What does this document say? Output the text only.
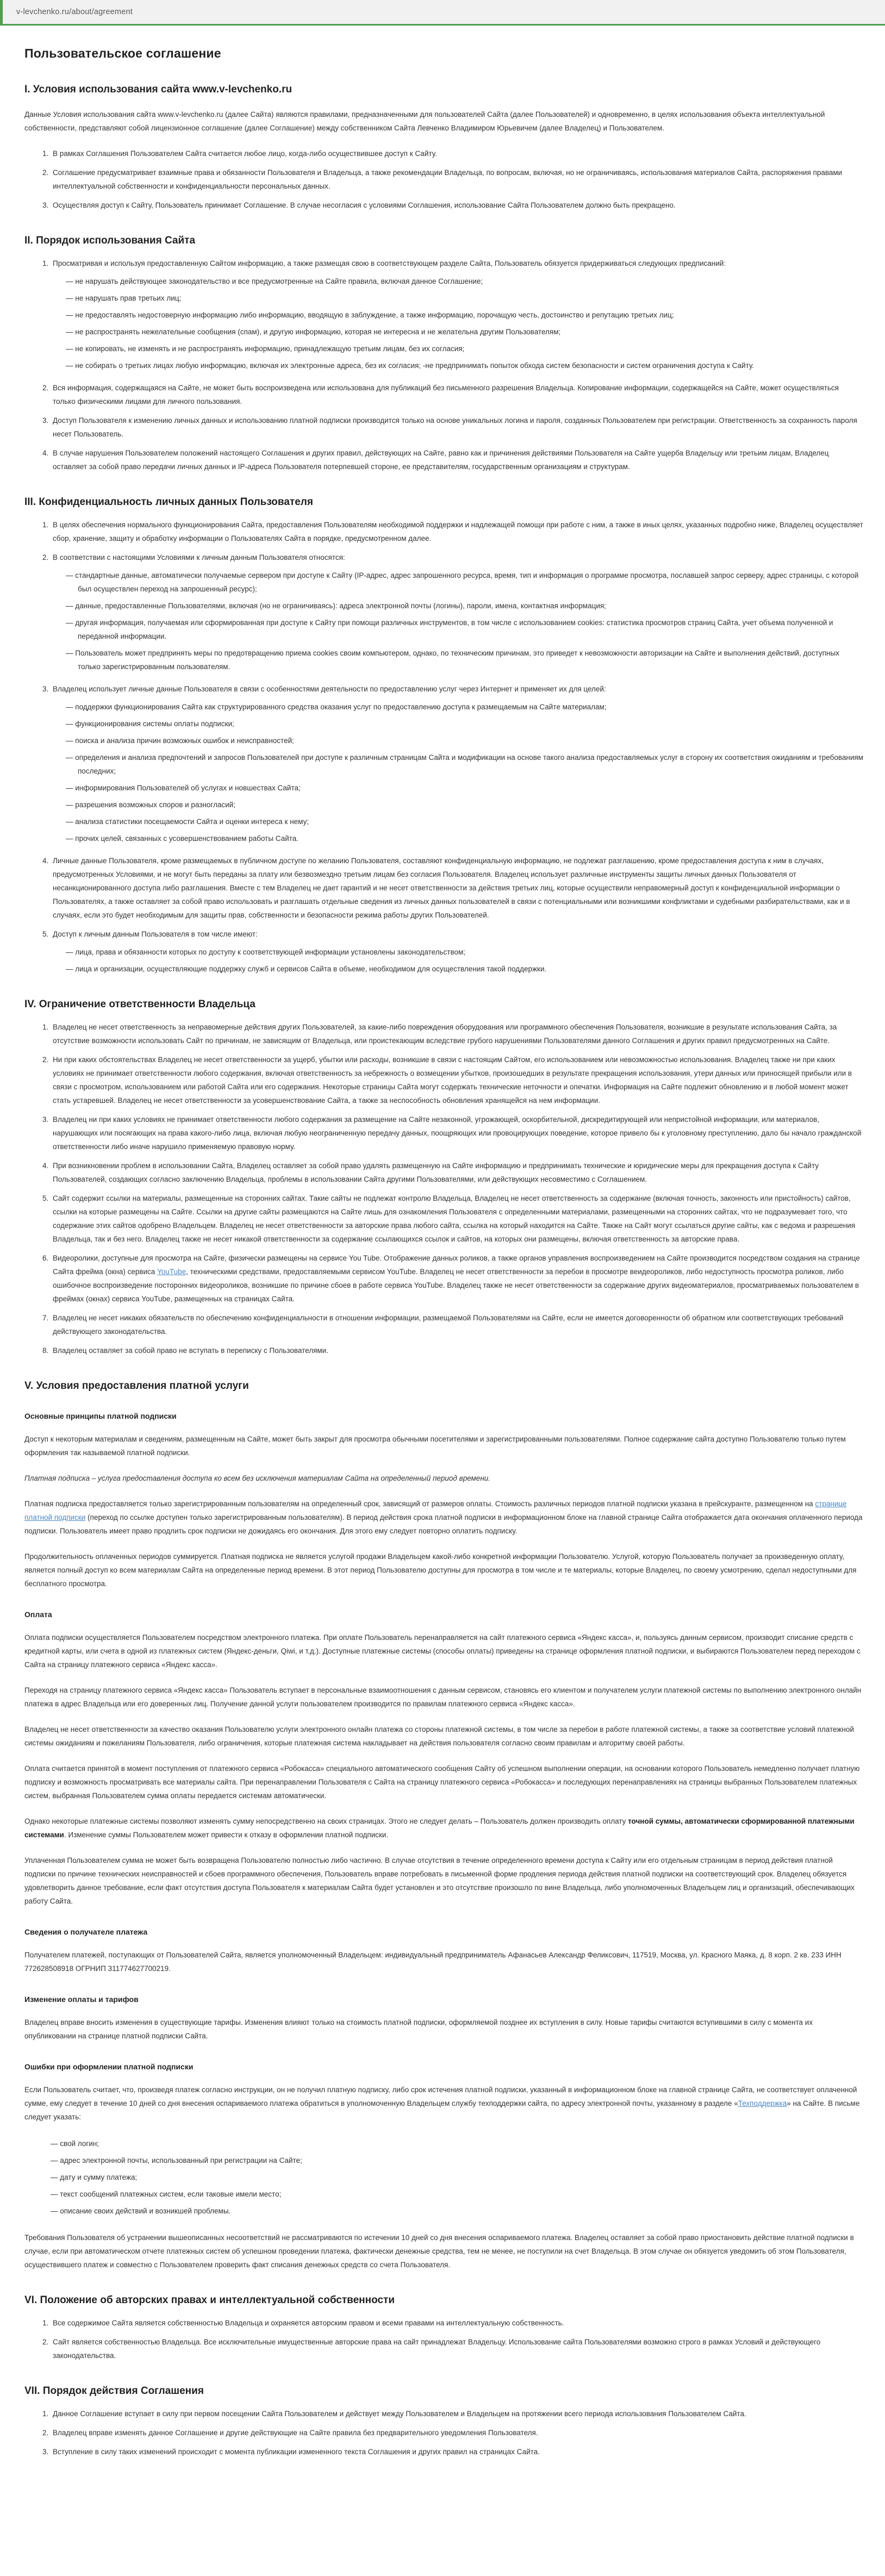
v-levchenko.ru/about/agreement
Пользовательское соглашение
I. Условия использования сайта www.v-levchenko.ru

Данные Условия использования сайта www.v-levchenko.ru (далее Сайта) являются правилами, предназначенными для пользователей Сайта (далее Пользователей) и одновременно, в целях использования объекта интеллектуальной собственности, представляют собой лицензионное соглашение (далее Соглашение) между собственником Сайта Левченко Владимиром Юрьевичем (далее Владелец) и Пользователем.

1. В рамках Соглашения Пользователем Сайта считается любое лицо, когда-либо осуществившее доступ к Сайту.
2. Соглашение предусматривает взаимные права и обязанности Пользователя и Владельца, а также рекомендации Владельца, по вопросам, включая, но не ограничиваясь, использования материалов Сайта, распоряжения правами интеллектуальной собственности и конфиденциальности персональных данных.
3. Осуществляя доступ к Сайту, Пользователь принимает Соглашение. В случае несогласия с условиями Соглашения, использование Сайта Пользователем должно быть прекращено.
II. Порядок использования Сайта
1. Просматривая и используя предоставленную Сайтом информацию, а также размещая свою в соответствующем разделе Сайта, Пользователь обязуется придерживаться следующих предписаний:
— не нарушать действующее законодательство и все предусмотренные на Сайте правила, включая данное Соглашение;
— не нарушать прав третьих лиц;
— не предоставлять недостоверную информацию либо информацию, вводящую в заблуждение, а также информацию, порочащую честь, достоинство и репутацию третьих лиц;
— не распространять нежелательные сообщения (спам), и другую информацию, которая не интересна и не желательна другим Пользователям;
— не копировать, не изменять и не распространять информацию, принадлежащую третьим лицам, без их согласия;
— не собирать о третьих лицах любую информацию, включая их электронные адреса, без их согласия; -не предпринимать попыток обхода систем безопасности и систем ограничения доступа к Сайту.
2. Вся информация, содержащаяся на Сайте, не может быть воспроизведена или использована для публикаций без письменного разрешения Владельца. Копирование информации, содержащейся на Сайте, может осуществляться только физическими лицами для личного пользования.
3. Доступ Пользователя к изменению личных данных и использованию платной подписки производится только на основе уникальных логина и пароля, созданных Пользователем при регистрации. Ответственность за сохранность пароля несет Пользователь.
4. В случае нарушения Пользователем положений настоящего Соглашения и других правил, действующих на Сайте, равно как и причинения действиями Пользователя на Сайте ущерба Владельцу или третьим лицам, Владелец оставляет за собой право передачи личных данных и IP-адреса Пользователя потерпевшей стороне, ее представителям, государственным организациям и структурам.
III. Конфиденциальность личных данных Пользователя
1. В целях обеспечения нормального функционирования Сайта, предоставления Пользователям необходимой поддержки и надлежащей помощи при работе с ним, а также в иных целях, указанных подробно ниже, Владелец осуществляет сбор, хранение, защиту и обработку информации о Пользователях Сайта в порядке, предусмотренном далее.
2. В соответствии с настоящими Условиями к личным данным Пользователя относятся:
— стандартные данные, автоматически получаемые сервером при доступе к Сайту (IP-адрес, адрес запрошенного ресурса, время, тип и информация о программе просмотра, пославшей запрос серверу, адрес страницы, с которой был осуществлен переход на запрошенный ресурс);
— данные, предоставленные Пользователями, включая (но не ограничиваясь): адреса электронной почты (логины), пароли, имена, контактная информация;
— другая информация, получаемая или сформированная при доступе к Сайту при помощи различных инструментов, в том числе с использованием cookies: статистика просмотров страниц Сайта, учет объема полученной и переданной информации.
— Пользователь может предпринять меры по предотвращению приема cookies своим компьютером, однако, по техническим причинам, это приведет к невозможности авторизации на Сайте и выполнения действий, доступных только зарегистрированным пользователям.
3. Владелец использует личные данные Пользователя в связи с особенностями деятельности по предоставлению услуг через Интернет и применяет их для целей:
— поддержки функционирования Сайта как структурированного средства оказания услуг по предоставлению доступа к размещаемым на Сайте материалам;
— функционирования системы оплаты подписки;
— поиска и анализа причин возможных ошибок и неисправностей;
— определения и анализа предпочтений и запросов Пользователей при доступе к различным страницам Сайта и модификации на основе такого анализа предоставляемых услуг в сторону их соответствия ожиданиям и требованиям последних;
— информирования Пользователей об услугах и новшествах Сайта;
— разрешения возможных споров и разногласий;
— анализа статистики посещаемости Сайта и оценки интереса к нему;
— прочих целей, связанных с усовершенствованием работы Сайта.
4. Личные данные Пользователя, кроме размещаемых в публичном доступе по желанию Пользователя, составляют конфиденциальную информацию, не подлежат разглашению, кроме предоставления доступа к ним в случаях, предусмотренных Условиями, и не могут быть переданы за плату или безвозмездно третьим лицам без согласия Пользователя. Владелец использует различные инструменты защиты личных данных Пользователя от несанкционированного доступа либо разглашения. Вместе с тем Владелец не дает гарантий и не несет ответственности за действия третьих лиц, которые осуществили неправомерный доступ к конфиденциальной информации о Пользователях, а также оставляет за собой право использовать и разглашать отдельные сведения из личных данных пользователей в связи с потенциальными или возникшими конфликтами и судебными разбирательствами, как и в случаях, если это будет необходимым для защиты прав, собственности и безопасности режима работы других Пользователей.
5. Доступ к личным данным Пользователя в том числе имеют:
— лица, права и обязанности которых по доступу к соответствующей информации установлены законодательством;
— лица и организации, осуществляющие поддержку служб и сервисов Сайта в объеме, необходимом для осуществления такой поддержки.
IV. Ограничение ответственности Владельца
1. Владелец не несет ответственность за неправомерные действия других Пользователей, за какие-либо повреждения оборудования или программного обеспечения Пользователя, возникшие в результате использования Сайта, за отсутствие возможности использовать Сайт по причинам, не зависящим от Владельца, или проистекающим вследствие грубого нарушениями Пользователями данного Соглашения и других правил предусмотренных на Сайте.
2. Ни при каких обстоятельствах Владелец не несет ответственности за ущерб, убытки или расходы, возникшие в связи с настоящим Сайтом, его использованием или невозможностью использования. Владелец также ни при каких условиях не принимает ответственности любого содержания, включая ответственность за небрежность о возмещении убытков, произошедших в результате прекращения использования, утери данных или приносящей прибыли или в связи с просмотром, использованием или работой Сайта или его содержания. Некоторые страницы Сайта могут содержать технические неточности и опечатки. Информация на Сайте подлежит обновлению и в любой момент может стать устаревшей. Владелец не несет ответственности за усовершенствование Сайта, а также за неспособность обновления хранящейся на нем информации.
3. Владелец ни при каких условиях не принимает ответственности любого содержания за размещение на Сайте незаконной, угрожающей, оскорбительной, дискредитирующей или непристойной информации, или материалов, нарушающих или посягающих на права какого-либо лица, включая любую неограниченную передачу данных, поощряющих или провоцирующих поведение, которое привело бы к уголовному преступлению, дало бы начало гражданской ответственности либо иначе нарушило применяемую правовую норму.
4. При возникновении проблем в использовании Сайта, Владелец оставляет за собой право удалять размещенную на Сайте информацию и предпринимать технические и юридические меры для прекращения доступа к Сайту Пользователей, создающих согласно заключению Владельца, проблемы в использовании Сайта другими Пользователями, или действующих несовместимо с Соглашением.
5. Сайт содержит ссылки на материалы, размещенные на сторонних сайтах. Такие сайты не подлежат контролю Владельца, Владелец не несет ответственность за содержание (включая точность, законность или пристойность) сайтов, ссылки на которые размещены на Сайте. Ссылки на другие сайты размещаются на Сайте лишь для ознакомления Пользователя с определенными материалами, размещенными на сторонних сайтах, что не подразумевает того, что содержание этих сайтов одобрено Владельцем. Владелец не несет ответственности за авторские права любого сайта, ссылка на который находится на Сайте. Также на Сайт могут ссылаться другие сайты, как с ведома и разрешения Владельца, так и без него. Владелец также не несет никакой ответственности за содержание ссылающихся ссылок и сайтов, на которых они размещены, включая ответственность за авторские права.
6. Видеоролики, доступные для просмотра на Сайте, физически размещены на сервисе You Tube. Отображение данных роликов, а также органов управления воспроизведением на Сайте производится посредством создания на странице Сайта фрейма (окна) сервиса YouTube, техническими средствами, предоставляемыми сервисом YouTube. Владелец не несет ответственности за перебои в просмотре веидеороликов, либо недоступность просмотра роликов, либо ошибочное воспроизведение посторонних видеороликов, возникшие по причине сбоев в работе сервиса YouTube. Владелец также не несет ответственности за содержание других видеоматериалов, просматриваемых пользователем в фреймах (окнах) сервиса YouTube, размещенных на страницах Сайта.
7. Владелец не несет никаких обязательств по обеспечению конфиденциальности в отношении информации, размещаемой Пользователями на Сайте, если не имеется договоренности об обратном или соответствующих требований действующего законодательства.
8. Владелец оставляет за собой право не вступать в переписку с Пользователями.
V. Условия предоставления платной услуги
Основные принципы платной подписки

Доступ к некоторым материалам и сведениям, размещенным на Сайте, может быть закрыт для просмотра обычными посетителями и зарегистрированными пользователями. Полное содержание сайта доступно Пользователю только путем оформления так называемой платной подписки.

Платная подписка – услуга предоставления доступа ко всем без исключения материалам Сайта на определенный период времени.

Платная подписка предоставляется только зарегистрированным пользователям на определенный срок, зависящий от размеров оплаты. Стоимость различных периодов платной подписки указана в прейскуранте, размещенном на странице платной подписки (переход по ссылке доступен только зарегистрированным пользователям). В период действия срока платной подписки в информационном блоке на главной странице Сайта отображается дата окончания оплаченного периода подписки. Пользователь имеет право продлить срок подписки не дожидаясь его окончания. Для этого ему следует повторно оплатить подписку.

Продолжительность оплаченных периодов суммируется. Платная подписка не является услугой продажи Владельцем какой-либо конкретной информации Пользователю. Услугой, которую Пользователь получает за произведенную оплату, является полный доступ ко всем материалам Сайта на определенные период времени. В этот период Пользователю доступны для просмотра в том числе и те материалы, которые Владелец, по своему усмотрению, сделал недоступными для бесплатного просмотра.

Оплата

Оплата подписки осуществляется Пользователем посредством электронного платежа. При оплате Пользователь перенаправляется на сайт платежного сервиса «Яндекс касса», и, пользуясь данным сервисом, производит списание средств с кредитной карты, или счета в одной из платежных систем (Яндекс-деньги, Qiwi, и т.д.). Доступные платежные системы (способы оплаты) приведены на странице оформления платной подписки, и выбираются Пользователем перед переходом с Сайта на страницу платежного сервиса «Яндекс касса».

Переходя на страницу платежного сервиса «Яндекс касса» Пользователь вступает в персональные взаимоотношения с данным сервисом, становясь его клиентом и получателем услуги платежной системы по выполнению электронного онлайн платежа в адрес Владельца или его доверенных лиц. Получение данной услуги пользователем производится по правилам платежного сервиса «Яндекс касса».

Владелец не несет ответственности за качество оказания Пользователю услуги электронного онлайн платежа со стороны платежной системы, в том числе за перебои в работе платежной системы, а также за соответствие условий платежной системы ожиданиям и пожеланиям Пользователя, либо ограничения, которые платежная система накладывает на действия пользователя согласно своим правилам и алгоритму своей работы.

Оплата считается принятой в момент поступления от платежного сервиса «Робокасса» специального автоматического сообщения Сайту об успешном выполнении операции, на основании которого Пользователь немедленно получает платную подписку и возможность просматривать все материалы сайта. При перенаправлении Пользователя с Сайта на страницу платежного сервиса «Робокасса» и последующих перенаправлениях на страницы выбранных Пользователем платежных систем, выбранная Пользователем сумма оплаты передается системам автоматически.

Однако некоторые платежные системы позволяют изменять сумму непосредственно на своих страницах. Этого не следует делать – Пользователь должен производить оплату точной суммы, автоматически сформированной платежными системами. Изменение суммы Пользователем может привести к отказу в оформлении платной подписки.

Уплаченная Пользователем сумма не может быть возвращена Пользователю полностью либо частично. В случае отсутствия в течение определенного времени доступа к Сайту или его отдельным страницам в период действия платной подписки по причине технических неисправностей и сбоев программного обеспечения, Пользователь вправе потребовать в письменной форме продления периода действия платной подписки на соответствующий срок. Владелец обязуется удовлетворить данное требование, если факт отсутствия доступа Пользователя к материалам Сайта будет установлен и это отсутствие произошло по вине Владельца, либо уполномоченных Владельцем лиц и организаций, обеспечивающих работу Сайта.

Сведения о получателе платежа

Получателем платежей, поступающих от Пользователей Сайта, является уполномоченный Владельцем: индивидуальный предприниматель Афанасьев Александр Феликсович, 117519, Москва, ул. Красного Маяка, д. 8 корп. 2 кв. 233 ИНН 772628508918 ОГРНИП 311774627700219.

Изменение оплаты и тарифов

Владелец вправе вносить изменения в существующие тарифы. Изменения влияют только на стоимость платной подписки, оформляемой позднее их вступления в силу. Новые тарифы считаются вступившими в силу с момента их опубликовании на странице платной подписки Сайта.

Ошибки при оформлении платной подписки

Если Пользователь считает, что, произведя платеж согласно инструкции, он не получил платную подписку, либо срок истечения платной подписки, указанный в информационном блоке на главной странице Сайта, не соответствует оплаченной сумме, ему следует в течение 10 дней со дня внесения оспариваемого платежа обратиться в уполномоченную Владельцем службу техподдержки сайта, по адресу электронной почты, указанному в разделе «Техподдержка» на Сайте. В письме следует указать:

— свой логин;
— адрес электронной почты, использованный при регистрации на Сайте;
— дату и сумму платежа;
— текст сообщений платежных систем, если таковые имели место;
— описание своих действий и возникшей проблемы.

Требования Пользователя об устранении вышеописанных несоответствий не рассматриваются по истечении 10 дней со дня внесения оспариваемого платежа. Владелец оставляет за собой право приостановить действие платной подписки в случае, если при автоматическом отчете платежных систем об успешном проведении платежа, фактически денежные средства, тем не менее, не поступили на счет Владельца. В этом случае он обязуется уведомить об этом Пользователя, осуществившего платеж и совместно с Пользователем проверить факт списания денежных средств со счета Пользователя.

VI. Положение об авторских правах и интеллектуальной собственности
1. Все содержимое Сайта является собственностью Владельца и охраняется авторским правом и всеми правами на интеллектуальную собственность.
2. Сайт является собственностью Владельца. Все исключительные имущественные авторские права на сайт принадлежат Владельцу. Использование сайта Пользователями возможно строго в рамках Условий и действующего законодательства.
VII. Порядок действия Соглашения
1. Данное Соглашение вступает в силу при первом посещении Сайта Пользователем и действует между Пользователем и Владельцем на протяжении всего периода использования Пользователем Сайта.
2. Владелец вправе изменять данное Соглашение и другие действующие на Сайте правила без предварительного уведомления Пользователя.
3. Вступление в силу таких изменений происходит с момента публикации измененного текста Соглашения и других правил на страницах Сайта.
